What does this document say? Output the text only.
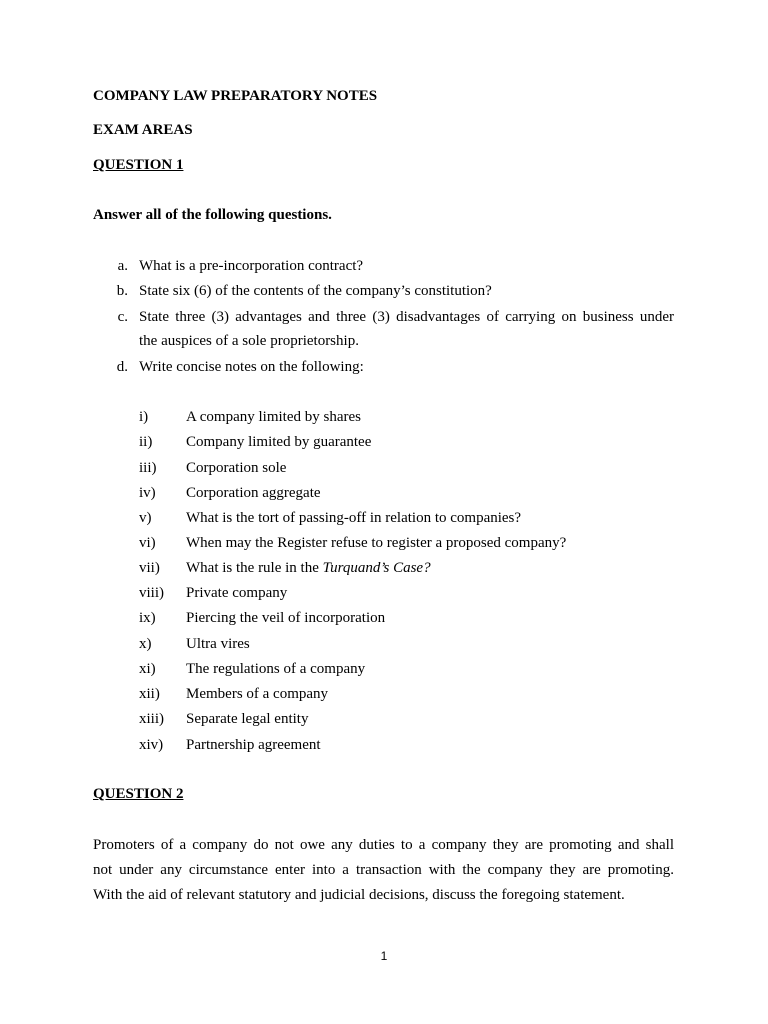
COMPANY LAW PREPARATORY NOTES
EXAM AREAS
QUESTION 1
Answer all of the following questions.
a. What is a pre-incorporation contract?
b. State six (6) of the contents of the company’s constitution?
c. State three (3) advantages and three (3) disadvantages of carrying on business under
the auspices of a sole proprietorship.
d. Write concise notes on the following:
i)	A company limited by shares
ii) Company limited by guarantee
iii) Corporation sole
iv) Corporation aggregate
v) What is the tort of passing-off in relation to companies?
vi) When may the Register refuse to register a proposed company?
vii) What is the rule in the Turquand’s Case?
viii) Private company
ix) Piercing the veil of incorporation
x) Ultra vires
xi) The regulations of a company
xii) Members of a company
xiii) Separate legal entity
xiv) Partnership agreement
QUESTION 2
Promoters of a company do not owe any duties to a company they are promoting and shall
not under any circumstance enter into a transaction with the company they are promoting.
With the aid of relevant statutory and judicial decisions, discuss the foregoing statement.
1
